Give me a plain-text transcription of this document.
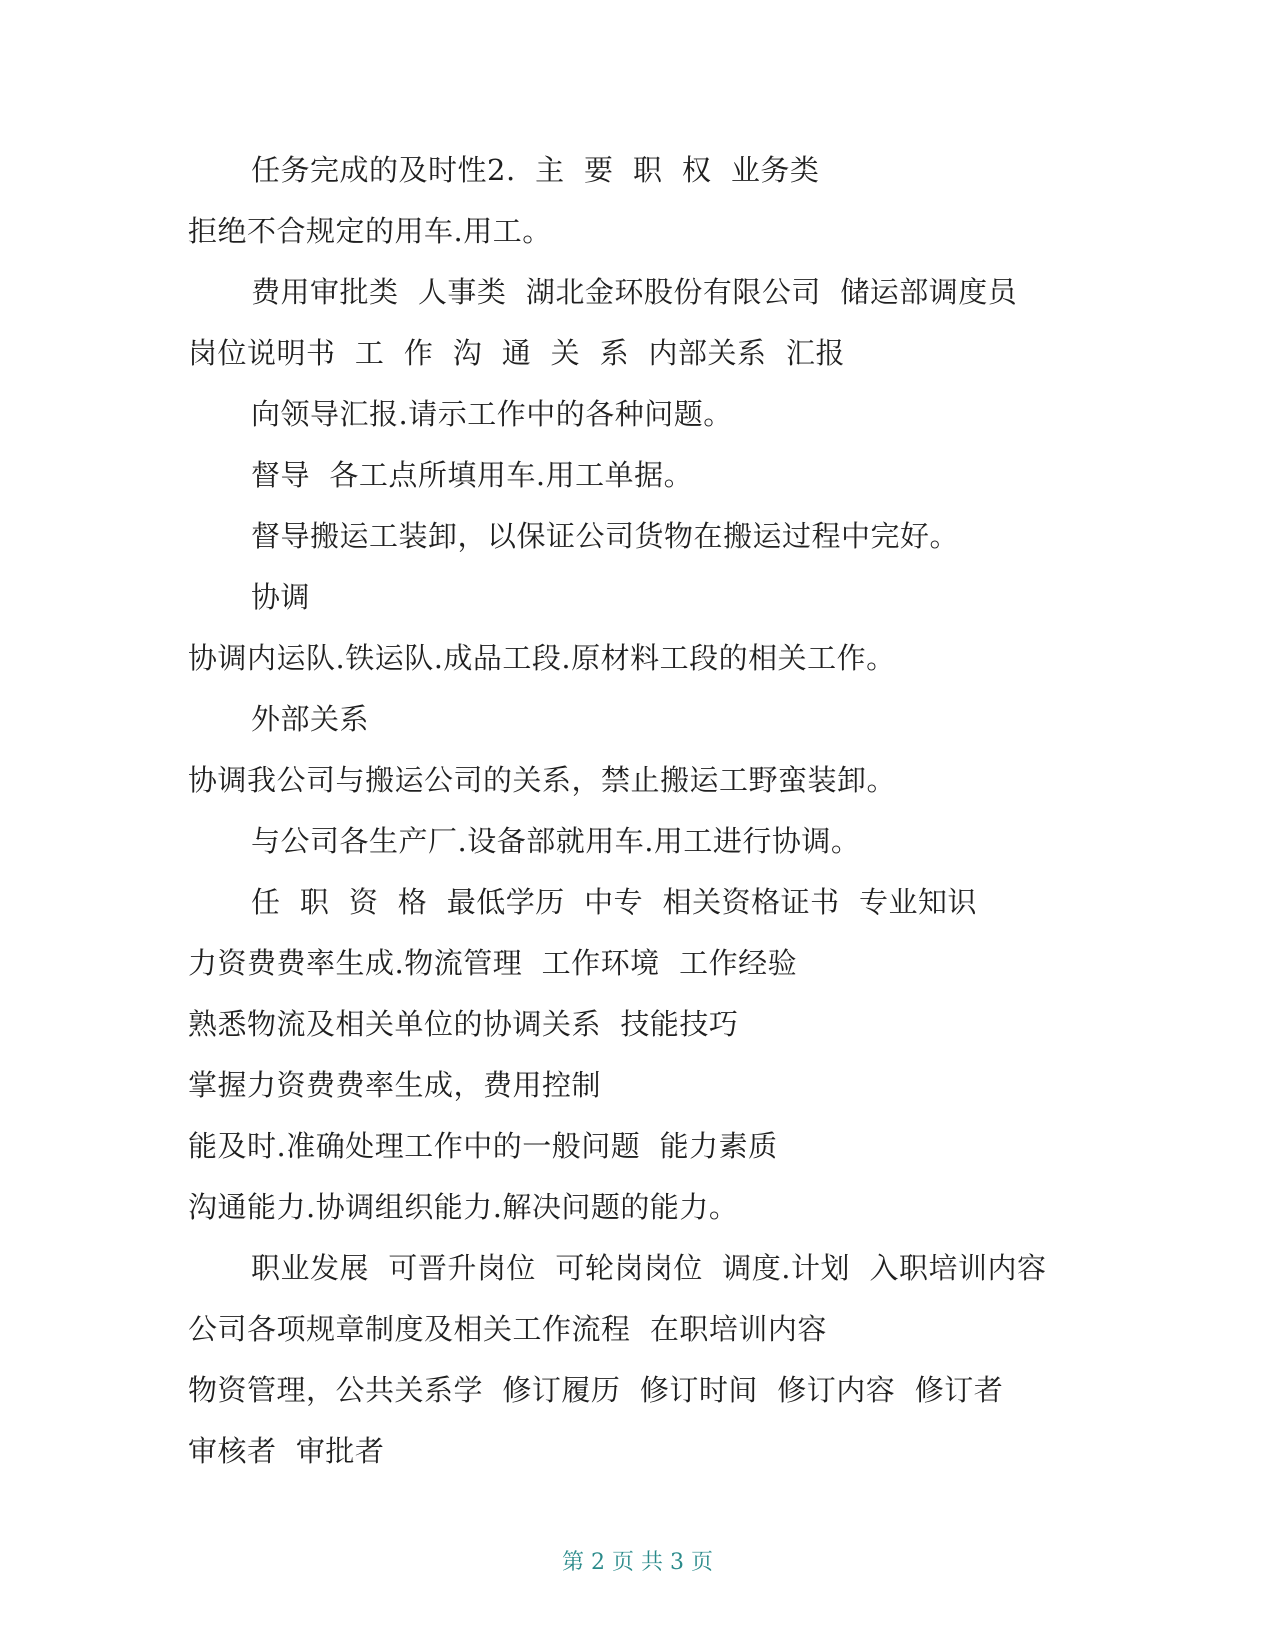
任务完成的及时性2.  主  要  职  权  业务类
拒绝不合规定的用车.用工。
费用审批类  人事类  湖北金环股份有限公司  储运部调度员
岗位说明书  工  作  沟  通  关  系  内部关系  汇报
向领导汇报.请示工作中的各种问题。
督导  各工点所填用车.用工单据。
督导搬运工装卸，以保证公司货物在搬运过程中完好。
协调
协调内运队.铁运队.成品工段.原材料工段的相关工作。
外部关系
协调我公司与搬运公司的关系，禁止搬运工野蛮装卸。
与公司各生产厂.设备部就用车.用工进行协调。
任  职  资  格  最低学历  中专  相关资格证书  专业知识
力资费费率生成.物流管理  工作环境  工作经验
熟悉物流及相关单位的协调关系  技能技巧
掌握力资费费率生成，费用控制
能及时.准确处理工作中的一般问题  能力素质
沟通能力.协调组织能力.解决问题的能力。
职业发展  可晋升岗位  可轮岗岗位  调度.计划  入职培训内容
公司各项规章制度及相关工作流程  在职培训内容
物资管理，公共关系学  修订履历  修订时间  修订内容  修订者
审核者  审批者
第 2 页 共 3 页
